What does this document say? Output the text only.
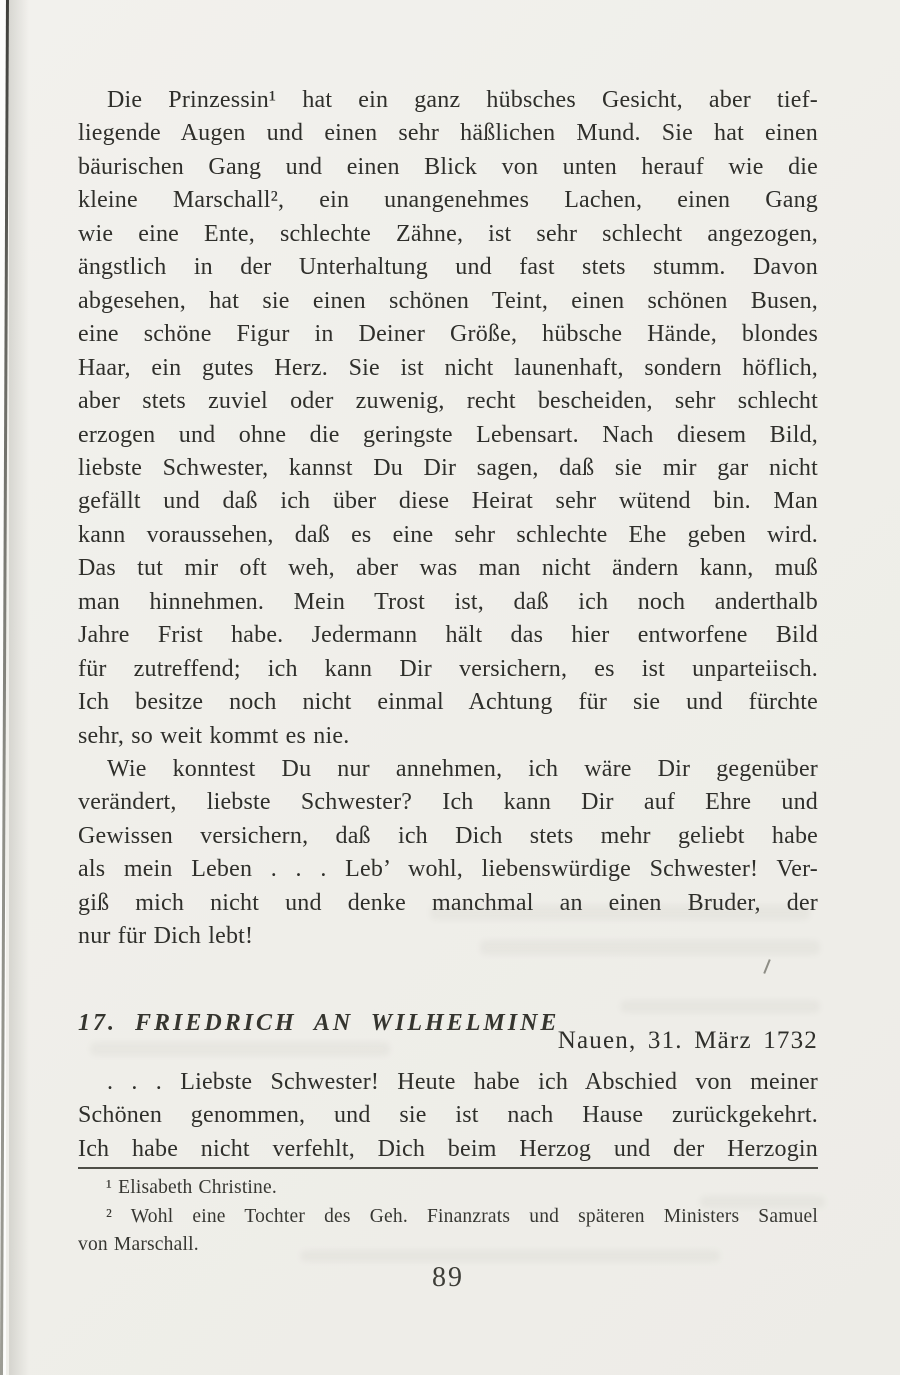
Die Prinzessin¹ hat ein ganz hübsches Gesicht, aber tief-
liegende Augen und einen sehr häßlichen Mund. Sie hat einen
bäurischen Gang und einen Blick von unten herauf wie die
kleine Marschall², ein unangenehmes Lachen, einen Gang
wie eine Ente, schlechte Zähne, ist sehr schlecht angezogen,
ängstlich in der Unterhaltung und fast stets stumm. Davon
abgesehen, hat sie einen schönen Teint, einen schönen Busen,
eine schöne Figur in Deiner Größe, hübsche Hände, blondes
Haar, ein gutes Herz. Sie ist nicht launenhaft, sondern höflich,
aber stets zuviel oder zuwenig, recht bescheiden, sehr schlecht
erzogen und ohne die geringste Lebensart. Nach diesem Bild,
liebste Schwester, kannst Du Dir sagen, daß sie mir gar nicht
gefällt und daß ich über diese Heirat sehr wütend bin. Man
kann voraussehen, daß es eine sehr schlechte Ehe geben wird.
Das tut mir oft weh, aber was man nicht ändern kann, muß
man hinnehmen. Mein Trost ist, daß ich noch anderthalb
Jahre Frist habe. Jedermann hält das hier entworfene Bild
für zutreffend; ich kann Dir versichern, es ist unparteiisch.
Ich besitze noch nicht einmal Achtung für sie und fürchte
sehr, so weit kommt es nie.
Wie konntest Du nur annehmen, ich wäre Dir gegenüber
verändert, liebste Schwester? Ich kann Dir auf Ehre und
Gewissen versichern, daß ich Dich stets mehr geliebt habe
als mein Leben . . . Leb’ wohl, liebenswürdige Schwester! Ver-
giß mich nicht und denke manchmal an einen Bruder, der
nur für Dich lebt!
17. FRIEDRICH AN WILHELMINE
Nauen, 31. März 1732
. . . Liebste Schwester! Heute habe ich Abschied von meiner
Schönen genommen, und sie ist nach Hause zurückgekehrt.
Ich habe nicht verfehlt, Dich beim Herzog und der Herzogin
¹ Elisabeth Christine.
² Wohl eine Tochter des Geh. Finanzrats und späteren Ministers Samuel
von Marschall.
89
